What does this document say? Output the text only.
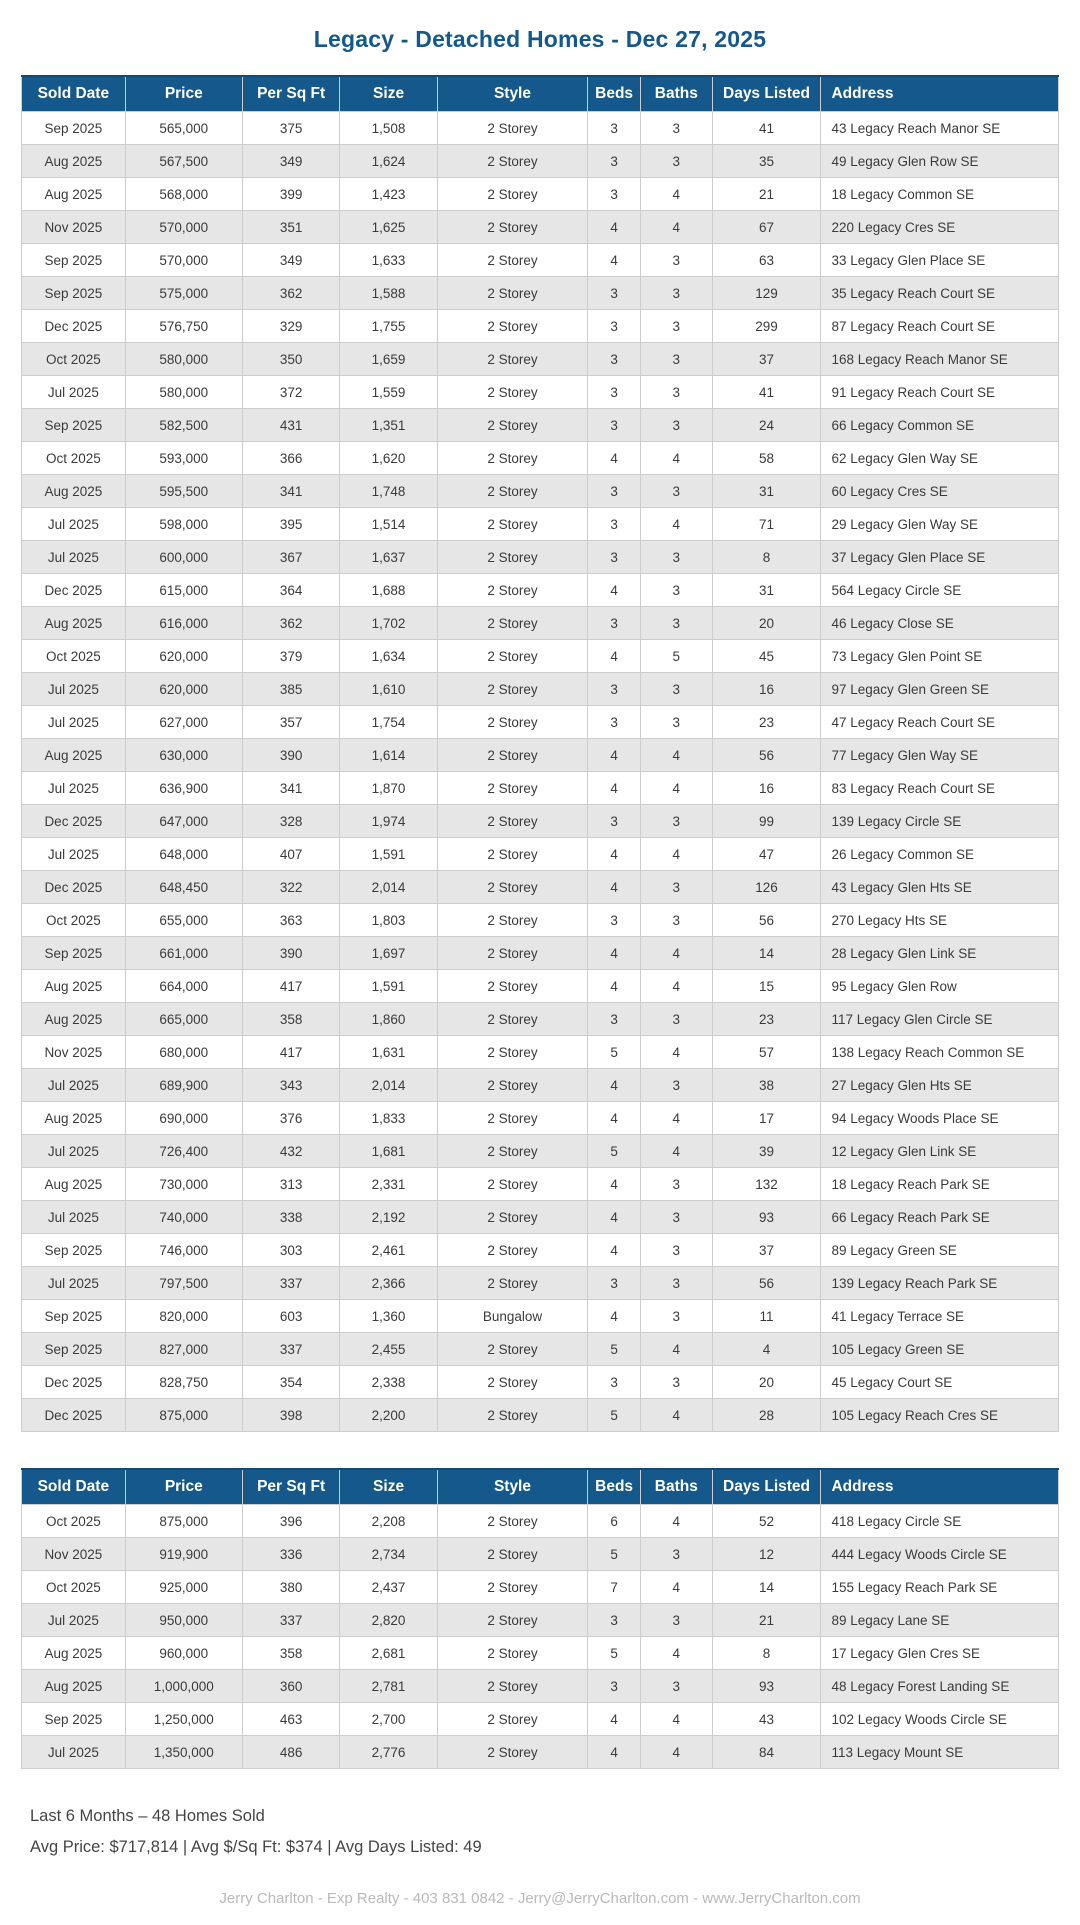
Legacy - Detached Homes - Dec 27, 2025
Sold Date	Price	Per Sq Ft	Size	Style	Beds	Baths	Days Listed	Address
Sep 2025	565,000	375	1,508	2 Storey	3	3	41	43 Legacy Reach Manor SE
Aug 2025	567,500	349	1,624	2 Storey	3	3	35	49 Legacy Glen Row SE
Aug 2025	568,000	399	1,423	2 Storey	3	4	21	18 Legacy Common SE
Nov 2025	570,000	351	1,625	2 Storey	4	4	67	220 Legacy Cres SE
Sep 2025	570,000	349	1,633	2 Storey	4	3	63	33 Legacy Glen Place SE
Sep 2025	575,000	362	1,588	2 Storey	3	3	129	35 Legacy Reach Court SE
Dec 2025	576,750	329	1,755	2 Storey	3	3	299	87 Legacy Reach Court SE
Oct 2025	580,000	350	1,659	2 Storey	3	3	37	168 Legacy Reach Manor SE
Jul 2025	580,000	372	1,559	2 Storey	3	3	41	91 Legacy Reach Court SE
Sep 2025	582,500	431	1,351	2 Storey	3	3	24	66 Legacy Common SE
Oct 2025	593,000	366	1,620	2 Storey	4	4	58	62 Legacy Glen Way SE
Aug 2025	595,500	341	1,748	2 Storey	3	3	31	60 Legacy Cres SE
Jul 2025	598,000	395	1,514	2 Storey	3	4	71	29 Legacy Glen Way SE
Jul 2025	600,000	367	1,637	2 Storey	3	3	8	37 Legacy Glen Place SE
Dec 2025	615,000	364	1,688	2 Storey	4	3	31	564 Legacy Circle SE
Aug 2025	616,000	362	1,702	2 Storey	3	3	20	46 Legacy Close SE
Oct 2025	620,000	379	1,634	2 Storey	4	5	45	73 Legacy Glen Point SE
Jul 2025	620,000	385	1,610	2 Storey	3	3	16	97 Legacy Glen Green SE
Jul 2025	627,000	357	1,754	2 Storey	3	3	23	47 Legacy Reach Court SE
Aug 2025	630,000	390	1,614	2 Storey	4	4	56	77 Legacy Glen Way SE
Jul 2025	636,900	341	1,870	2 Storey	4	4	16	83 Legacy Reach Court SE
Dec 2025	647,000	328	1,974	2 Storey	3	3	99	139 Legacy Circle SE
Jul 2025	648,000	407	1,591	2 Storey	4	4	47	26 Legacy Common SE
Dec 2025	648,450	322	2,014	2 Storey	4	3	126	43 Legacy Glen Hts SE
Oct 2025	655,000	363	1,803	2 Storey	3	3	56	270 Legacy Hts SE
Sep 2025	661,000	390	1,697	2 Storey	4	4	14	28 Legacy Glen Link SE
Aug 2025	664,000	417	1,591	2 Storey	4	4	15	95 Legacy Glen Row
Aug 2025	665,000	358	1,860	2 Storey	3	3	23	117 Legacy Glen Circle SE
Nov 2025	680,000	417	1,631	2 Storey	5	4	57	138 Legacy Reach Common SE
Jul 2025	689,900	343	2,014	2 Storey	4	3	38	27 Legacy Glen Hts SE
Aug 2025	690,000	376	1,833	2 Storey	4	4	17	94 Legacy Woods Place SE
Jul 2025	726,400	432	1,681	2 Storey	5	4	39	12 Legacy Glen Link SE
Aug 2025	730,000	313	2,331	2 Storey	4	3	132	18 Legacy Reach Park SE
Jul 2025	740,000	338	2,192	2 Storey	4	3	93	66 Legacy Reach Park SE
Sep 2025	746,000	303	2,461	2 Storey	4	3	37	89 Legacy Green SE
Jul 2025	797,500	337	2,366	2 Storey	3	3	56	139 Legacy Reach Park SE
Sep 2025	820,000	603	1,360	Bungalow	4	3	11	41 Legacy Terrace SE
Sep 2025	827,000	337	2,455	2 Storey	5	4	4	105 Legacy Green SE
Dec 2025	828,750	354	2,338	2 Storey	3	3	20	45 Legacy Court SE
Dec 2025	875,000	398	2,200	2 Storey	5	4	28	105 Legacy Reach Cres SE
Sold Date	Price	Per Sq Ft	Size	Style	Beds	Baths	Days Listed	Address
Oct 2025	875,000	396	2,208	2 Storey	6	4	52	418 Legacy Circle SE
Nov 2025	919,900	336	2,734	2 Storey	5	3	12	444 Legacy Woods Circle SE
Oct 2025	925,000	380	2,437	2 Storey	7	4	14	155 Legacy Reach Park SE
Jul 2025	950,000	337	2,820	2 Storey	3	3	21	89 Legacy Lane SE
Aug 2025	960,000	358	2,681	2 Storey	5	4	8	17 Legacy Glen Cres SE
Aug 2025	1,000,000	360	2,781	2 Storey	3	3	93	48 Legacy Forest Landing SE
Sep 2025	1,250,000	463	2,700	2 Storey	4	4	43	102 Legacy Woods Circle SE
Jul 2025	1,350,000	486	2,776	2 Storey	4	4	84	113 Legacy Mount SE

Last 6 Months – 48 Homes Sold

Avg Price: $717,814 | Avg $/Sq Ft: $374 | Avg Days Listed: 49

Jerry Charlton - Exp Realty - 403 831 0842 - Jerry@JerryCharlton.com - www.JerryCharlton.com
